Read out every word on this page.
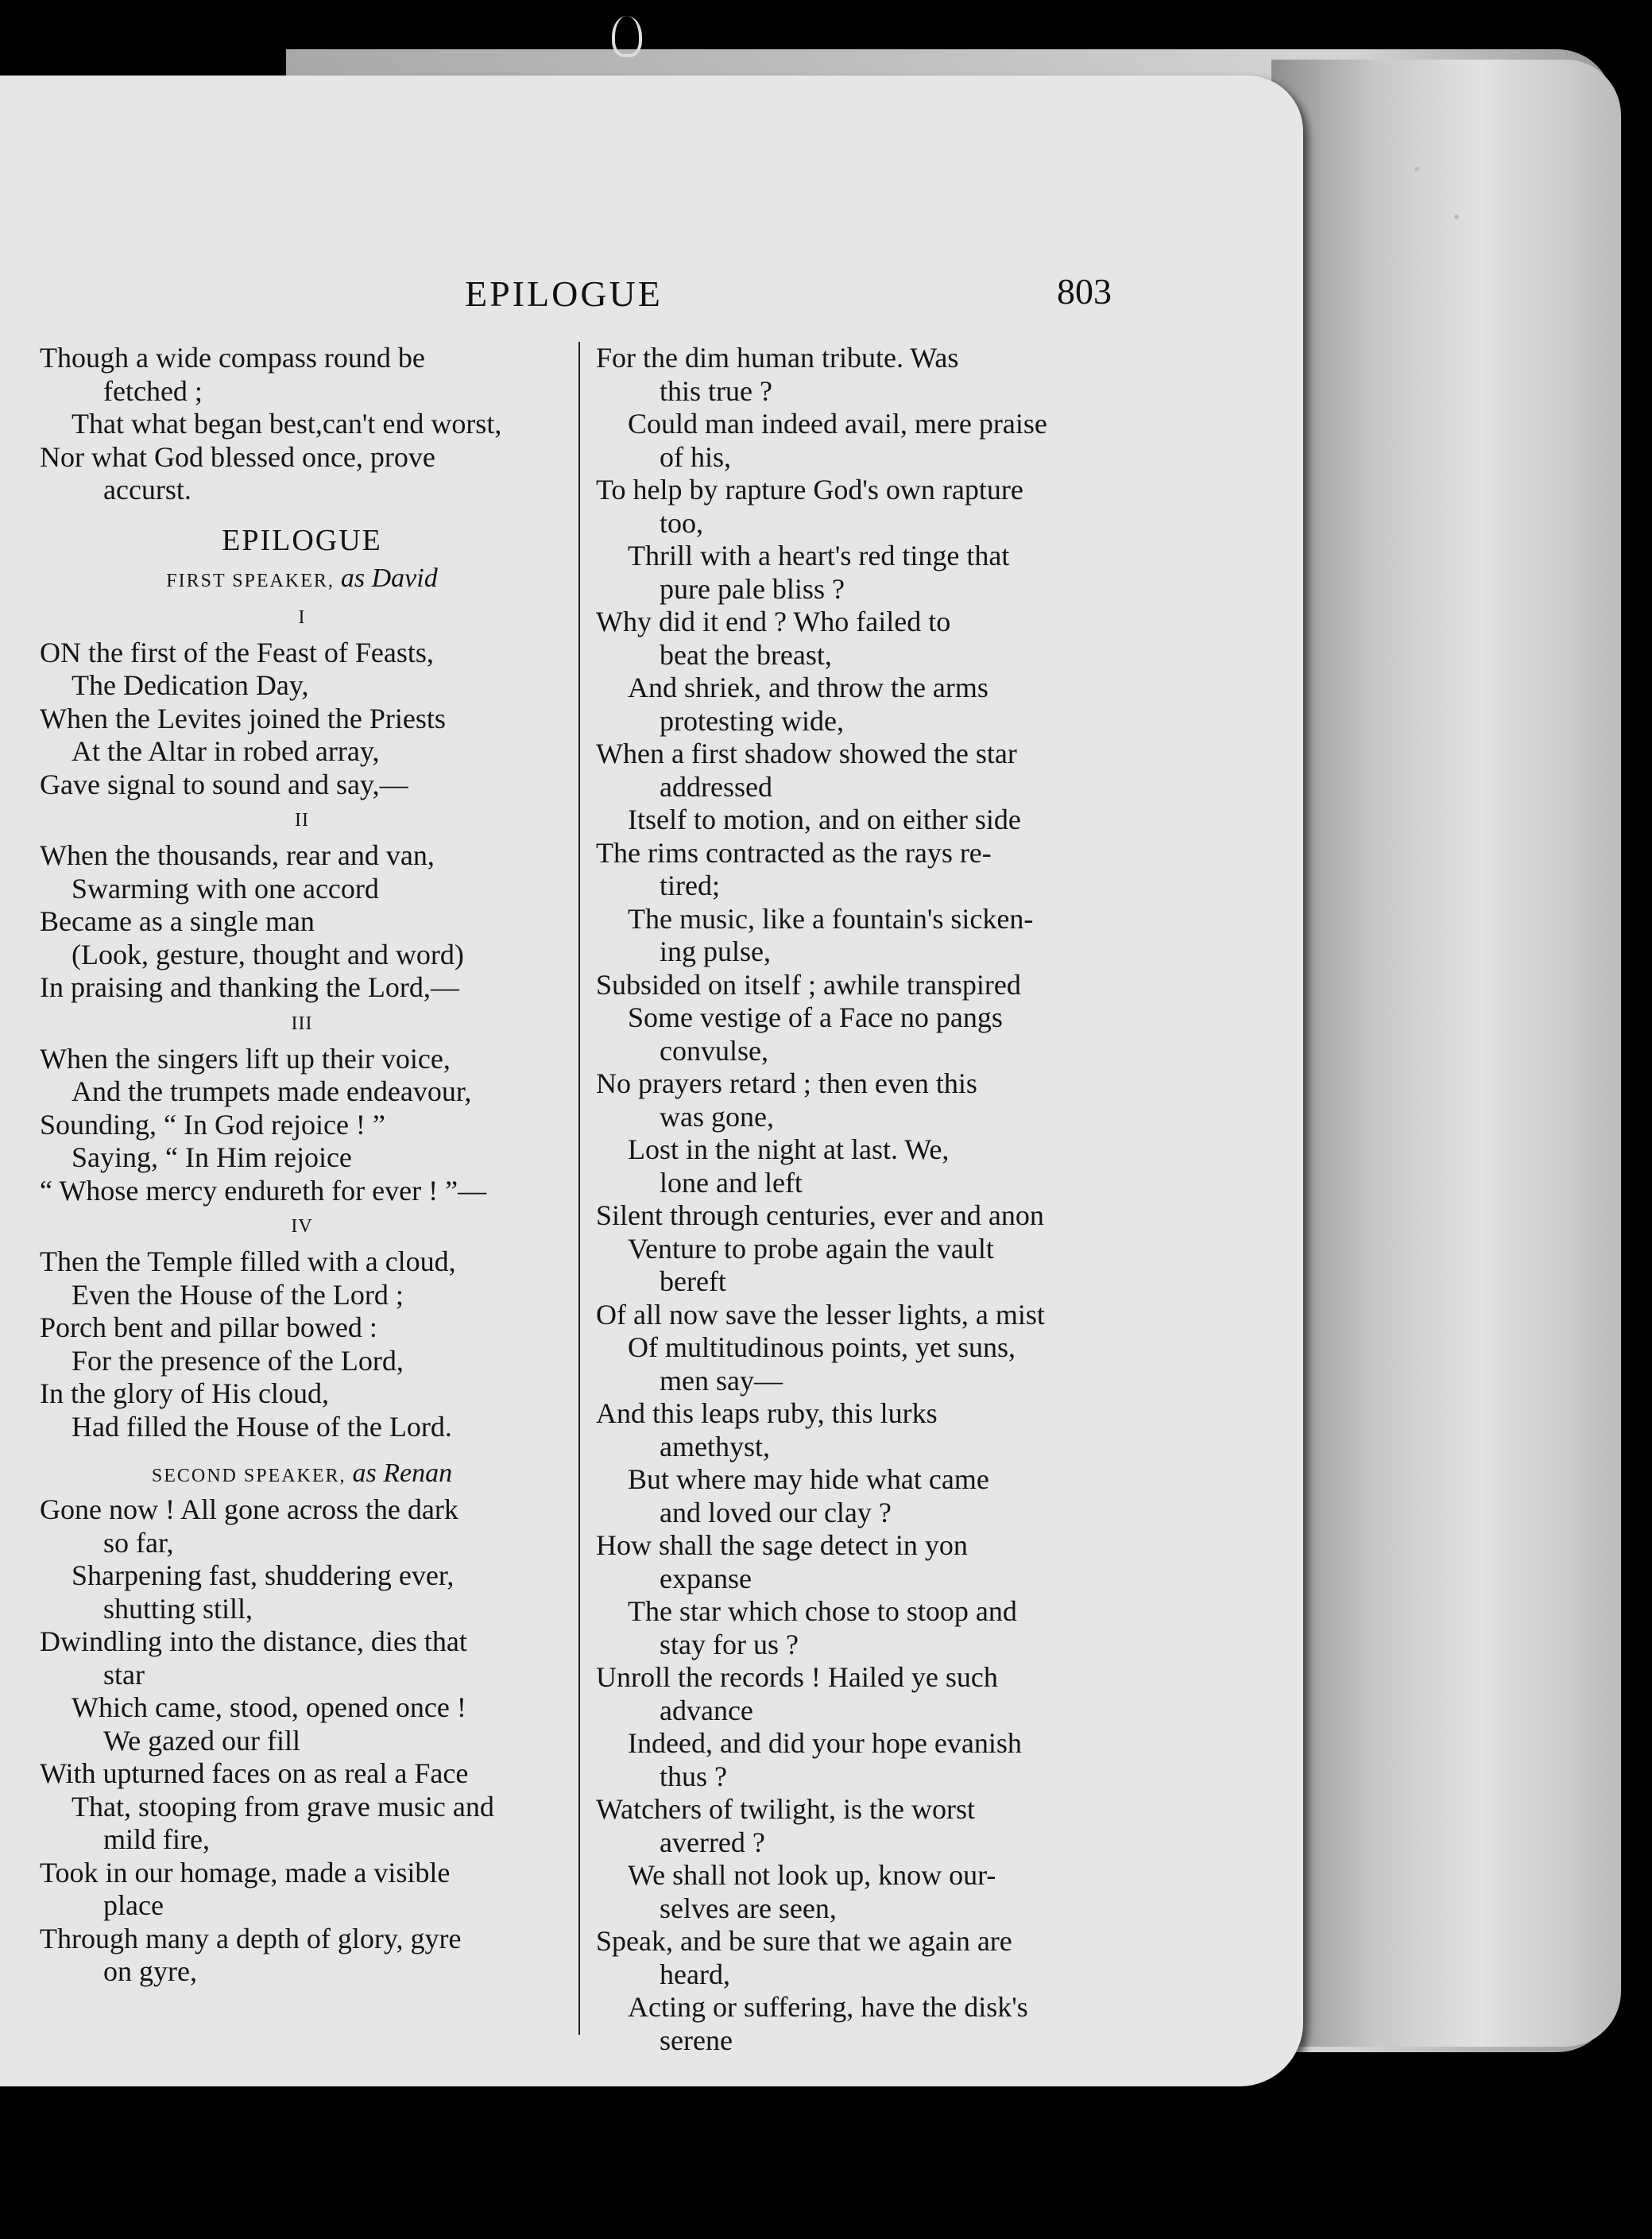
EPILOGUE	803
Though a wide compass round be
fetched ;
That what began best,can't end worst,
Nor what God blessed once, prove
accurst.
EPILOGUE
FIRST SPEAKER, as David
I
ON the first of the Feast of Feasts,
The Dedication Day,
When the Levites joined the Priests
At the Altar in robed array,
Gave signal to sound and say,—
II
When the thousands, rear and van,
Swarming with one accord
Became as a single man
(Look, gesture, thought and word)
In praising and thanking the Lord,—
III
When the singers lift up their voice,
And the trumpets made endeavour,
Sounding, “ In God rejoice ! ”
Saying, “ In Him rejoice
“ Whose mercy endureth for ever ! ”—
IV
Then the Temple filled with a cloud,
Even the House of the Lord ;
Porch bent and pillar bowed :
For the presence of the Lord,
In the glory of His cloud,
Had filled the House of the Lord.
SECOND SPEAKER, as Renan
Gone now ! All gone across the dark
so far,
Sharpening fast, shuddering ever,
shutting still,
Dwindling into the distance, dies that
star
Which came, stood, opened once !
We gazed our fill
With upturned faces on as real a Face
That, stooping from grave music and
mild fire,
Took in our homage, made a visible
place
Through many a depth of glory, gyre
on gyre,
For the dim human tribute. Was
this true ?
Could man indeed avail, mere praise
of his,
To help by rapture God's own rapture
too,
Thrill with a heart's red tinge that
pure pale bliss ?
Why did it end ? Who failed to
beat the breast,
And shriek, and throw the arms
protesting wide,
When a first shadow showed the star
addressed
Itself to motion, and on either side
The rims contracted as the rays re-
tired;
The music, like a fountain's sicken-
ing pulse,
Subsided on itself ; awhile transpired
Some vestige of a Face no pangs
convulse,
No prayers retard ; then even this
was gone,
Lost in the night at last. We,
lone and left
Silent through centuries, ever and anon
Venture to probe again the vault
bereft
Of all now save the lesser lights, a mist
Of multitudinous points, yet suns,
men say—
And this leaps ruby, this lurks
amethyst,
But where may hide what came
and loved our clay ?
How shall the sage detect in yon
expanse
The star which chose to stoop and
stay for us ?
Unroll the records ! Hailed ye such
advance
Indeed, and did your hope evanish
thus ?
Watchers of twilight, is the worst
averred ?
We shall not look up, know our-
selves are seen,
Speak, and be sure that we again are
heard,
Acting or suffering, have the disk's
serene
